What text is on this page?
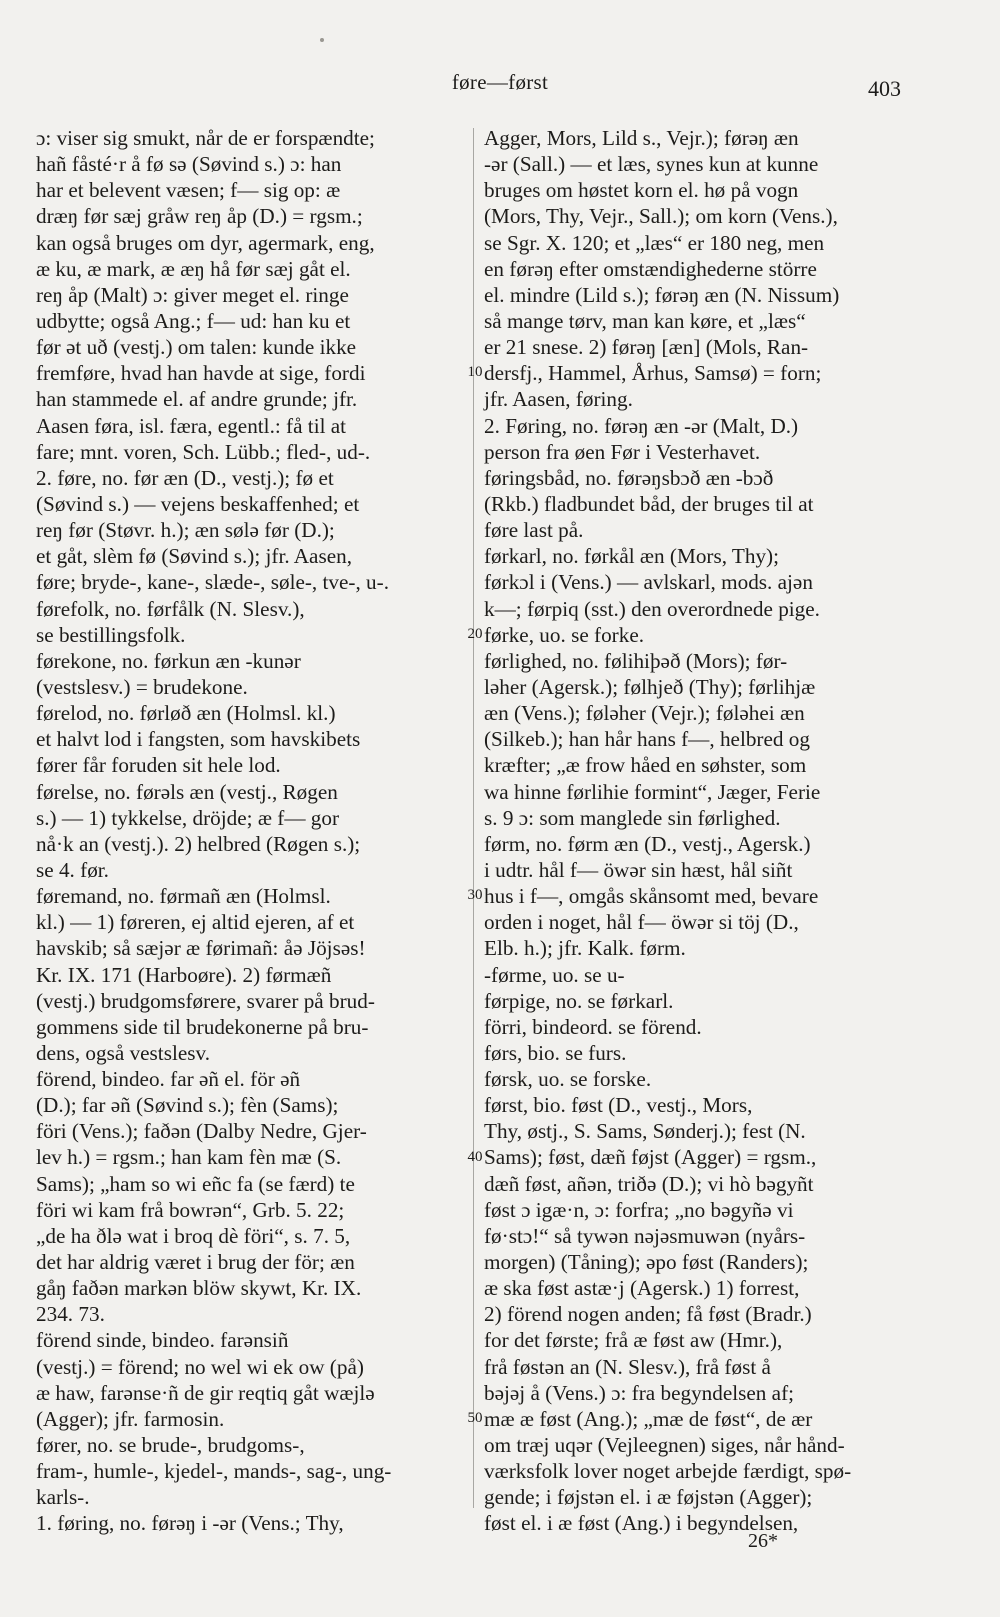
føre—først	403
ɔ: viser sig smukt, når de er forspændte;
hañ fåsté·r å fø sə (Søvind s.) ɔ: han
har et belevent væsen; f— sig op: æ
dræŋ før sæj gråw reŋ åp (D.) = rgsm.;
kan også bruges om dyr, agermark, eng,
æ ku, æ mark, æ æŋ hå før sæj gåt el.
reŋ åp (Malt) ɔ: giver meget el. ringe
udbytte; også Ang.; f— ud: han ku et
før ət uð (vestj.) om talen: kunde ikke
fremføre, hvad han havde at sige, fordi
han stammede el. af andre grunde; jfr.
Aasen føra, isl. færa, egentl.: få til at
fare; mnt. voren, Sch. Lübb.; fled-, ud-.
2. føre, no. før æn (D., vestj.); fø et
(Søvind s.) — vejens beskaffenhed; et
reŋ før (Støvr. h.); æn sølə før (D.);
et gåt, slèm fø (Søvind s.); jfr. Aasen,
føre; bryde-, kane-, slæde-, søle-, tve-, u-.
førefolk, no. førfålk (N. Slesv.),
se bestillingsfolk.
førekone, no. førkun æn -kunər
(vestslesv.) = brudekone.
førelod, no. førløð æn (Holmsl. kl.)
et halvt lod i fangsten, som havskibets
fører får foruden sit hele lod.
førelse, no. førəls æn (vestj., Røgen
s.) — 1) tykkelse, dröjde; æ f— gor
nå·k an (vestj.). 2) helbred (Røgen s.);
se 4. før.
føremand, no. førmañ æn (Holmsl.
kl.) — 1) føreren, ej altid ejeren, af et
havskib; så sæjər æ førimañ: åə Jöjsəs!
Kr. IX. 171 (Harboøre). 2) førmæñ
(vestj.) brudgomsførere, svarer på brud-
gommens side til brudekonerne på bru-
dens, også vestslesv.
förend, bindeo. far əñ el. för əñ
(D.); far əñ (Søvind s.); fèn (Sams);
föri (Vens.); faðən (Dalby Nedre, Gjer-
lev h.) = rgsm.; han kam fèn mæ (S.
Sams); „ham so wi eñc fa (se færd) te
föri wi kam frå bowrən“, Grb. 5. 22;
„de ha ðlə wat i broq dè föri“, s. 7. 5,
det har aldrig været i brug der för; æn
gåŋ faðən markən blöw skywt, Kr. IX.
234. 73.
förend sinde, bindeo. farənsiñ
(vestj.) = förend; no wel wi ek ow (på)
æ haw, farənse·ñ de gir reqtiq gåt wæjlə
(Agger); jfr. farmosin.
fører, no. se brude-, brudgoms-,
fram-, humle-, kjedel-, mands-, sag-, ung-
karls-.
1. føring, no. førəŋ i -ər (Vens.; Thy,
Agger, Mors, Lild s., Vejr.); førəŋ æn
-ər (Sall.) — et læs, synes kun at kunne
bruges om høstet korn el. hø på vogn
(Mors, Thy, Vejr., Sall.); om korn (Vens.),
se Sgr. X. 120; et „læs“ er 180 neg, men
en førəŋ efter omstændighederne större
el. mindre (Lild s.); førəŋ æn (N. Nissum)
så mange tørv, man kan køre, et „læs“
er 21 snese. 2) førəŋ [æn] (Mols, Ran-
dersfj., Hammel, Århus, Samsø) = forn;
jfr. Aasen, føring.
2. Føring, no. førəŋ æn -ər (Malt, D.)
person fra øen Før i Vesterhavet.
føringsbåd, no. førəŋsbɔð æn -bɔð
(Rkb.) fladbundet båd, der bruges til at
føre last på.
førkarl, no. førkål æn (Mors, Thy);
førkɔl i (Vens.) — avlskarl, mods. ajən
k—; førpiq (sst.) den overordnede pige.
førke, uo. se forke.
førlighed, no. følihiþəð (Mors); før-
ləher (Agersk.); følhjeð (Thy); førlihjæ
æn (Vens.); føləher (Vejr.); føləhei æn
(Silkeb.); han hår hans f—, helbred og
kræfter; „æ frow håed en søhster, som
wa hinne førlihie formint“, Jæger, Ferie
s. 9 ɔ: som manglede sin førlighed.
førm, no. førm æn (D., vestj., Agersk.)
i udtr. hål f— öwər sin hæst, hål siñt
hus i f—, omgås skånsomt med, bevare
orden i noget, hål f— öwər si töj (D.,
Elb. h.); jfr. Kalk. førm.
-førme, uo. se u-
førpige, no. se førkarl.
förri, bindeord. se förend.
førs, bio. se furs.
førsk, uo. se forske.
først, bio. føst (D., vestj., Mors,
Thy, østj., S. Sams, Sønderj.); fest (N.
Sams); føst, dæñ føjst (Agger) = rgsm.,
dæñ føst, añən, triðə (D.); vi hò bəgyñt
føst ɔ igæ·n, ɔ: forfra; „no bəgyñə vi
fø·stɔ!“ så tywən nəjəsmuwən (nyårs-
morgen) (Tåning); əpo føst (Randers);
æ ska føst astæ·j (Agersk.) 1) forrest,
2) förend nogen anden; få føst (Bradr.)
for det første; frå æ føst aw (Hmr.),
frå føstən an (N. Slesv.), frå føst å
bəjəj å (Vens.) ɔ: fra begyndelsen af;
mæ æ føst (Ang.); „mæ de føst“, de ær
om træj uqər (Vejleegnen) siges, når hånd-
værksfolk lover noget arbejde færdigt, spø-
gende; i føjstən el. i æ føjstən (Agger);
føst el. i æ føst (Ang.) i begyndelsen,
10
20
30
40
50
26*
